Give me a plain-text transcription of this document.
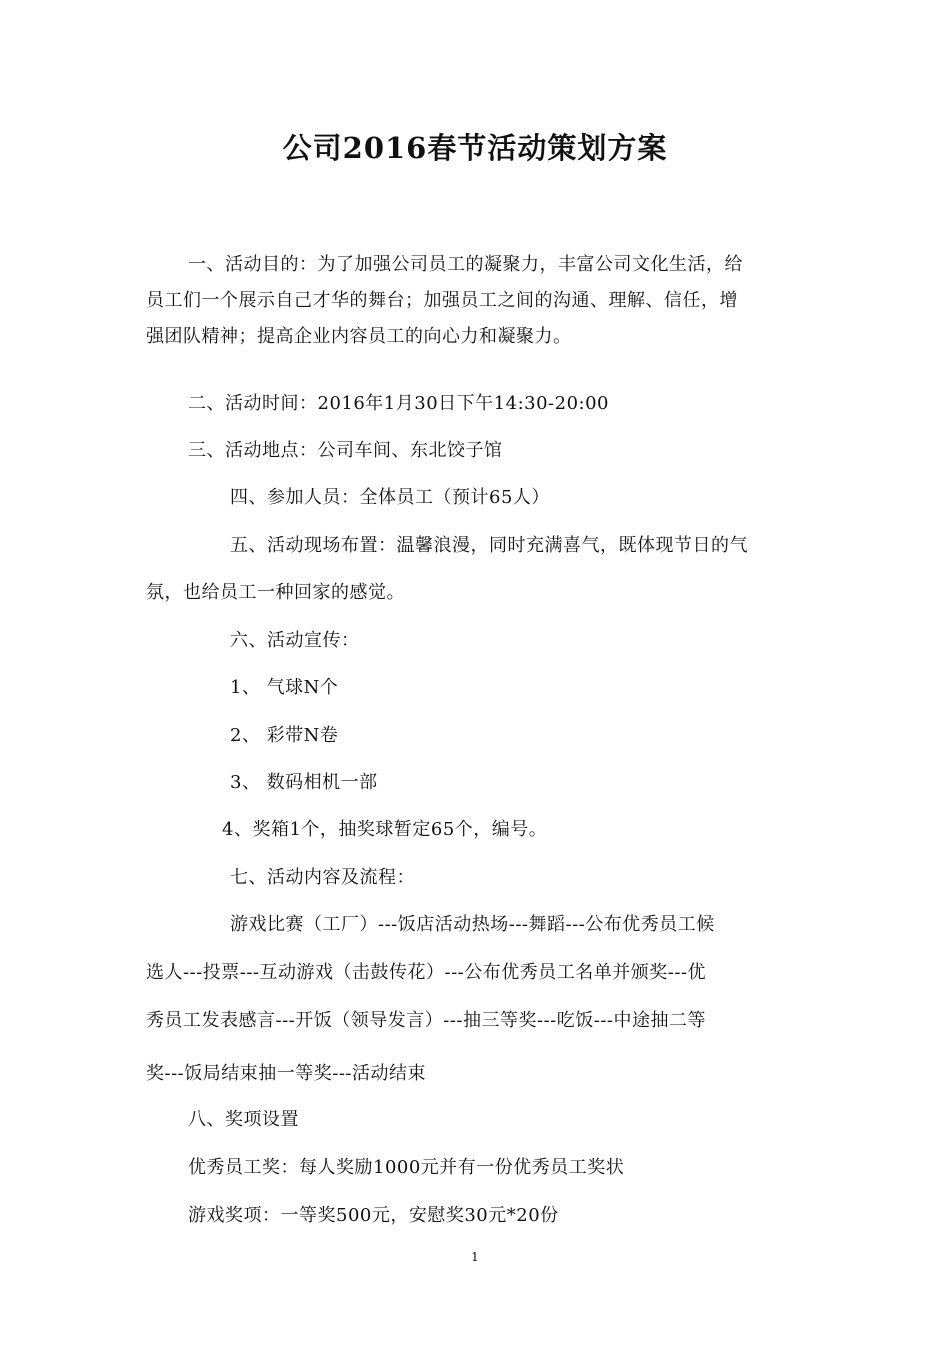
公司2016春节活动策划方案
一、活动目的：为了加强公司员工的凝聚力，丰富公司文化生活，给
员工们一个展示自己才华的舞台；加强员工之间的沟通、理解、信任，增
强团队精神；提高企业内容员工的向心力和凝聚力。
二、活动时间：2016年1月30日下午14:30-20:00
三、活动地点：公司车间、东北饺子馆
四、参加人员：全体员工（预计65人）
五、活动现场布置：温馨浪漫，同时充满喜气，既体现节日的气
氛，也给员工一种回家的感觉。
六、活动宣传：
1、 气球N个
2、 彩带N卷
3、 数码相机一部
4、奖箱1个，抽奖球暂定65个，编号。
七、活动内容及流程：
游戏比赛（工厂）---饭店活动热场---舞蹈---公布优秀员工候
选人---投票---互动游戏（击鼓传花）---公布优秀员工名单并颁奖---优
秀员工发表感言---开饭（领导发言）---抽三等奖---吃饭---中途抽二等
奖---饭局结束抽一等奖---活动结束
八、奖项设置
优秀员工奖：每人奖励1000元并有一份优秀员工奖状
游戏奖项：一等奖500元，安慰奖30元*20份
1
